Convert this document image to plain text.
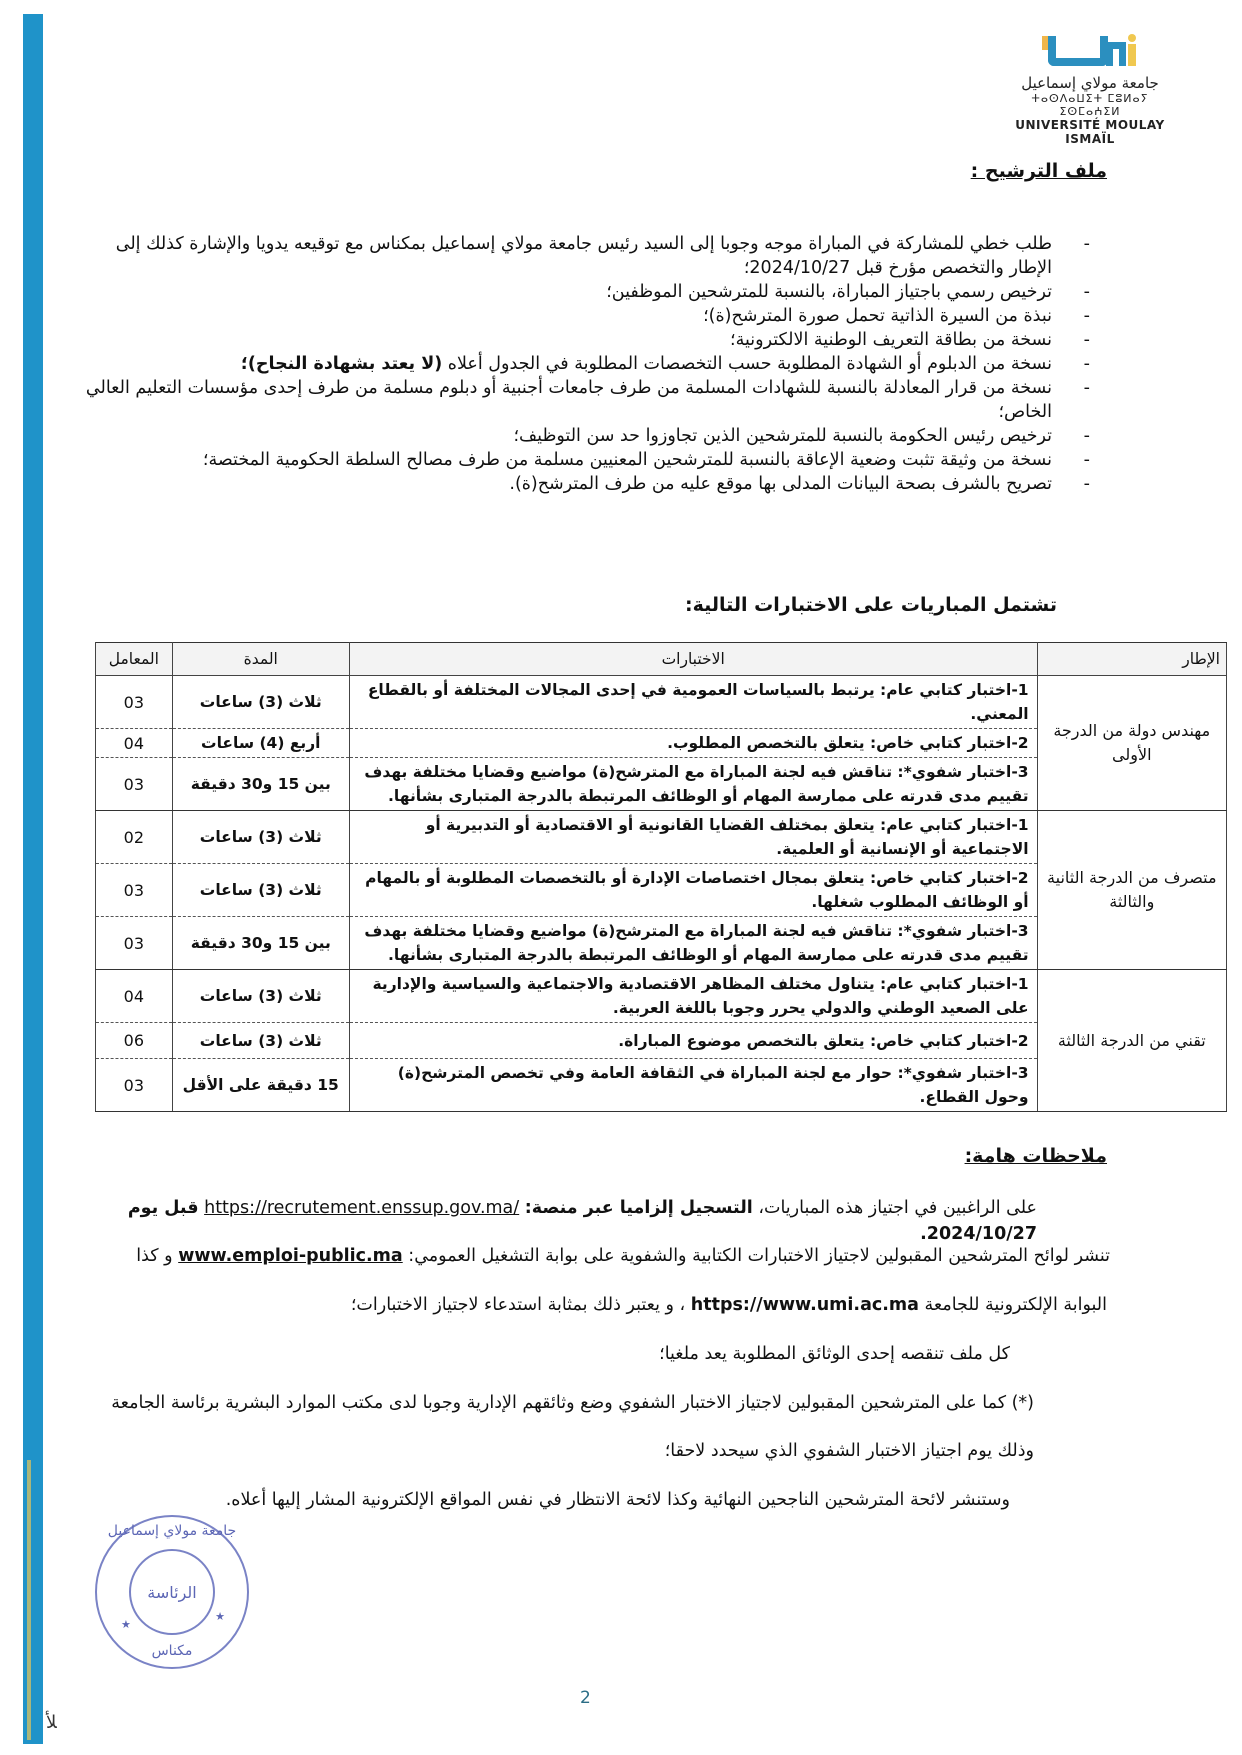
ﻸ
جامعة مولاي إسماعيل
ⵜⴰⵙⴷⴰⵡⵉⵜ ⵎⵓⵍⴰⵢ ⵉⵙⵎⴰⵄⵉⵍ
UNIVERSITÉ MOULAY ISMAÏL
ملف الترشيح :
-
طلب خطي للمشاركة في المباراة موجه وجوبا إلى السيد رئيس جامعة مولاي إسماعيل بمكناس مع توقيعه يدويا والإشارة كذلك إلى الإطار والتخصص مؤرخ قبل 2024/10/27؛
-
ترخيص رسمي باجتياز المباراة، بالنسبة للمترشحين الموظفين؛
-
نبذة من السيرة الذاتية تحمل صورة المترشح(ة)؛
-
نسخة من بطاقة التعريف الوطنية الالكترونية؛
-
نسخة من الدبلوم أو الشهادة المطلوبة حسب التخصصات المطلوبة في الجدول أعلاه (لا يعتد بشهادة النجاح)؛
-
نسخة من قرار المعادلة بالنسبة للشهادات المسلمة من طرف جامعات أجنبية أو دبلوم مسلمة من طرف إحدى مؤسسات التعليم العالي الخاص؛
-
ترخيص رئيس الحكومة بالنسبة للمترشحين الذين تجاوزوا حد سن التوظيف؛
-
نسخة من وثيقة تثبت وضعية الإعاقة بالنسبة للمترشحين المعنيين مسلمة من طرف مصالح السلطة الحكومية المختصة؛
-
تصريح بالشرف بصحة البيانات المدلى بها موقع عليه من طرف المترشح(ة).
تشتمل المباريات على الاختبارات التالية:
الإطار	الاختبارات	المدة	المعامل
مهندس دولة من الدرجة الأولى	1-اختبار كتابي عام: يرتبط بالسياسات العمومية في إحدى المجالات المختلفة أو بالقطاع المعني.	ثلاث (3) ساعات	03
	2-اختبار كتابي خاص: يتعلق بالتخصص المطلوب.	أربع (4) ساعات	04
	3-اختبار شفوي*: تناقش فيه لجنة المباراة مع المترشح(ة) مواضيع وقضايا مختلفة بهدف تقييم مدى قدرته على ممارسة المهام أو الوظائف المرتبطة بالدرجة المتبارى بشأنها.	بين 15 و30 دقيقة	03
متصرف من الدرجة الثانية والثالثة	1-اختبار كتابي عام: يتعلق بمختلف القضايا القانونية أو الاقتصادية أو التدبيرية أو الاجتماعية أو الإنسانية أو العلمية.	ثلاث (3) ساعات	02
	2-اختبار كتابي خاص: يتعلق بمجال اختصاصات الإدارة أو بالتخصصات المطلوبة أو بالمهام أو الوظائف المطلوب شغلها.	ثلاث (3) ساعات	03
	3-اختبار شفوي*: تناقش فيه لجنة المباراة مع المترشح(ة) مواضيع وقضايا مختلفة بهدف تقييم مدى قدرته على ممارسة المهام أو الوظائف المرتبطة بالدرجة المتبارى بشأنها.	بين 15 و30 دقيقة	03
تقني من الدرجة الثالثة	1-اختبار كتابي عام: يتناول مختلف المظاهر الاقتصادية والاجتماعية والسياسية والإدارية على الصعيد الوطني والدولي يحرر وجوبا باللغة العربية.	ثلاث (3) ساعات	04
	2-اختبار كتابي خاص: يتعلق بالتخصص موضوع المباراة.	ثلاث (3) ساعات	06
	3-اختبار شفوي*: حوار مع لجنة المباراة في الثقافة العامة وفي تخصص المترشح(ة) وحول القطاع.	15 دقيقة على الأقل	03
ملاحظات هامة:
على الراغبين في اجتياز هذه المباريات، التسجيل إلزاميا عبر منصة: https://recrutement.enssup.gov.ma/ قبل يوم 2024/10/27.
تنشر لوائح المترشحين المقبولين لاجتياز الاختبارات الكتابية والشفوية على بوابة التشغيل العمومي: www.emploi-public.ma و كذا
البوابة الإلكترونية للجامعة https://www.umi.ac.ma ، و يعتبر ذلك بمثابة استدعاء لاجتياز الاختبارات؛
كل ملف تنقصه إحدى الوثائق المطلوبة يعد ملغيا؛
(*) كما على المترشحين المقبولين لاجتياز الاختبار الشفوي وضع وثائقهم الإدارية وجوبا لدى مكتب الموارد البشرية برئاسة الجامعة
وذلك يوم اجتياز الاختبار الشفوي الذي سيحدد لاحقا؛
وستنشر لائحة المترشحين الناجحين النهائية وكذا لائحة الانتظار في نفس المواقع الإلكترونية المشار إليها أعلاه.
جامعة مولاي إسماعيل
الرئاسة
★
★
مكناس
2
